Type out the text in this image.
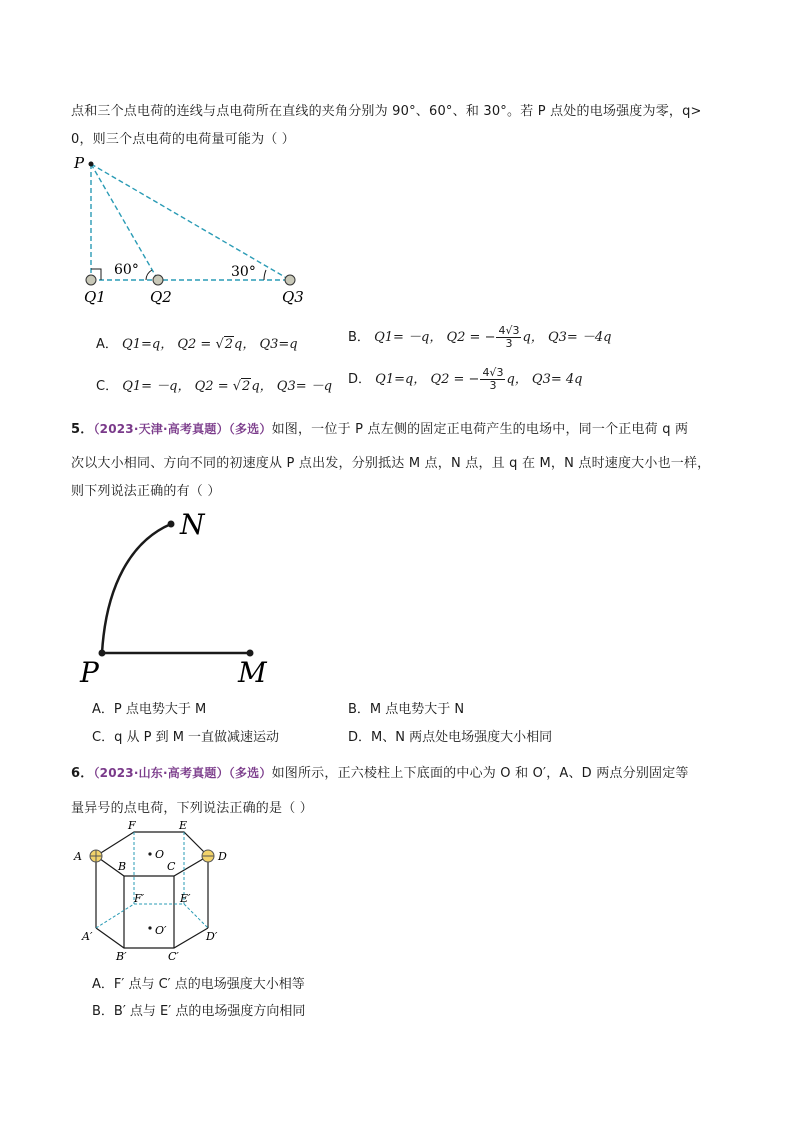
点和三个点电荷的连线与点电荷所在直线的夹角分别为 90°、60°、和 30°。若 P 点处的电场强度为零，q>
0，则三个点电荷的电荷量可能为（ ）
P
60°	30°
Q1	Q2	Q3
A． Q1=q， Q2 = √2q， Q3=q	B． Q1= －q， Q2 = − $\frac{4√3}{3}$ q， Q3= －4q
C． Q1= －q， Q2 = √2q， Q3= －q D． Q1=q， Q2 = − $\frac{4√3}{3}$ q， Q3= 4q
5．（2023·天津·高考真题）（多选）如图，一位于 P 点左侧的固定正电荷产生的电场中，同一个正电荷 q 两
次以大小相同、方向不同的初速度从 P 点出发，分别抵达 M 点，N 点，且 q 在 M，N 点时速度大小也一样，
则下列说法正确的有（ ）
N
P	M
A．P 点电势大于 M	B．M 点电势大于 N
C．q 从 P 到 M 一直做减速运动	D．M、N 两点处电场强度大小相同
6．（2023·山东·高考真题）（多选）如图所示，正六棱柱上下底面的中心为 O 和 O′，A、D 两点分别固定等
量异号的点电荷，下列说法正确的是（ ）
F	E
A	D
B	C
O
F′	E′
O′
A′	D′
B′	C′
A．F′ 点与 C′ 点的电场强度大小相等
B．B′ 点与 E′ 点的电场强度方向相同
